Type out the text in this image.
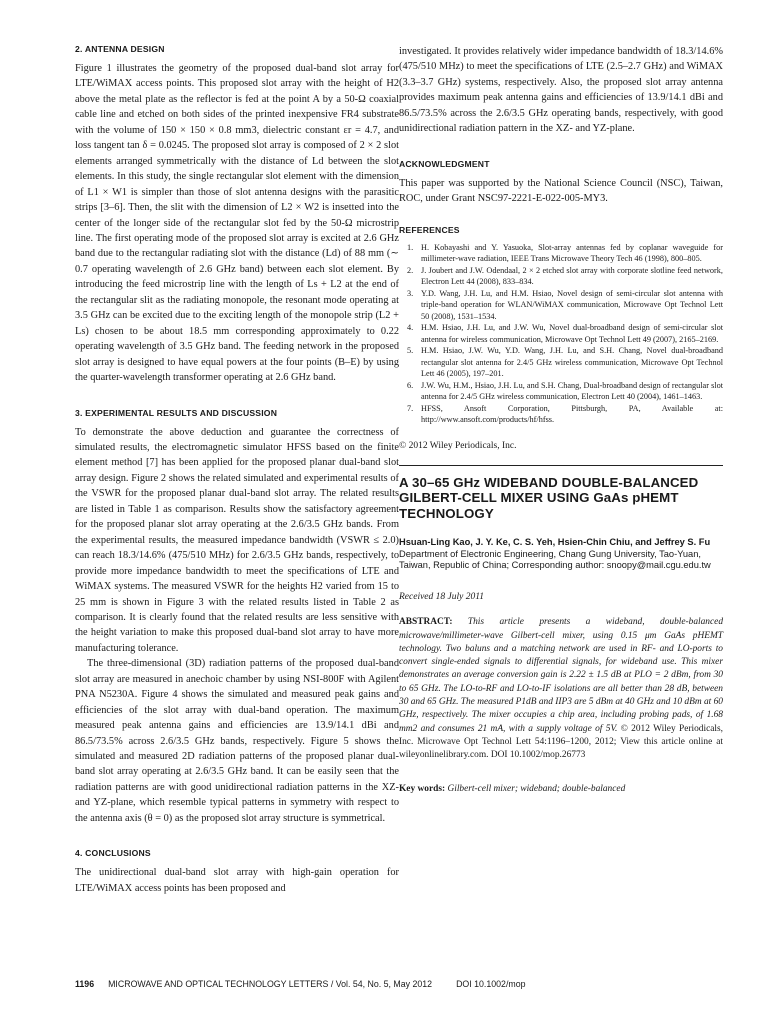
2. ANTENNA DESIGN

Figure 1 illustrates the geometry of the proposed dual-band slot array for LTE/WiMAX access points. This proposed slot array with the height of H2 above the metal plate as the reflector is fed at the point A by a 50-Ω coaxial cable line and etched on both sides of the printed inexpensive FR4 substrate with the volume of 150 × 150 × 0.8 mm3, dielectric constant εr = 4.7, and loss tangent tan δ = 0.0245. The proposed slot array is composed of 2 × 2 slot elements arranged symmetrically with the distance of Ld between the slot elements. In this study, the single rectangular slot element with the dimension of L1 × W1 is simpler than those of slot antenna designs with the parasitic strips [3–6]. Then, the slit with the dimension of L2 × W2 is insetted into the center of the longer side of the rectangular slot fed by the 50-Ω microstrip line. The first operating mode of the proposed slot array is excited at 2.6 GHz band due to the rectangular radiating slot with the distance (Ld) of 88 mm (∼ 0.7 operating wavelength of 2.6 GHz band) between each slot element. By introducing the feed microstrip line with the length of Ls + L2 at the end of the rectangular slit as the radiating monopole, the resonant mode operating at 3.5 GHz can be excited due to the exciting length of the monopole strip (L2 + Ls) chosen to be about 18.5 mm corresponding approximately to 0.22 operating wavelength of 3.5 GHz band. The feeding network in the proposed slot array is designed to have equal powers at the four points (B–E) by using the quarter-wavelength transformer operating at 2.6 GHz band.

3. EXPERIMENTAL RESULTS AND DISCUSSION

To demonstrate the above deduction and guarantee the correctness of simulated results, the electromagnetic simulator HFSS based on the finite element method [7] has been applied for the proposed planar dual-band slot array design. Figure 2 shows the related simulated and experimental results of the VSWR for the proposed planar dual-band slot array. The related results are listed in Table 1 as comparison. Results show the satisfactory agreement for the proposed planar slot array operating at the 2.6/3.5 GHz bands. From the experimental results, the measured impedance bandwidth (VSWR ≤ 2.0) can reach 18.3/14.6% (475/510 MHz) for 2.6/3.5 GHz bands, respectively, to provide more impedance bandwidth to meet the specifications of LTE and WiMAX systems. The measured VSWR for the heights H2 varied from 15 to 25 mm is shown in Figure 3 with the related results listed in Table 2 as comparison. It is clearly found that the related results are less sensitive with the height variation to make this proposed dual-band slot array to have more manufacturing tolerance.

The three-dimensional (3D) radiation patterns of the proposed dual-band slot array are measured in anechoic chamber by using NSI-800F with Agilent PNA N5230A. Figure 4 shows the simulated and measured peak gains and efficiencies of the slot array with dual-band operation. The maximum measured peak antenna gains and efficiencies are 13.9/14.1 dBi and 86.5/73.5% across 2.6/3.5 GHz bands, respectively. Figure 5 shows the simulated and measured 2D radiation patterns of the proposed planar dual-band slot array operating at 2.6/3.5 GHz band. It can be easily seen that the radiation patterns are with good unidirectional radiation patterns in the XZ- and YZ-plane, which resemble typical patterns in symmetry with respect to the antenna axis (θ = 0) as the proposed slot array structure is symmetrical.

4. CONCLUSIONS

The unidirectional dual-band slot array with high-gain operation for LTE/WiMAX access points has been proposed and

investigated. It provides relatively wider impedance bandwidth of 18.3/14.6% (475/510 MHz) to meet the specifications of LTE (2.5–2.7 GHz) and WiMAX (3.3–3.7 GHz) systems, respectively. Also, the proposed slot array antenna provides maximum peak antenna gains and efficiencies of 13.9/14.1 dBi and 86.5/73.5% across the 2.6/3.5 GHz operating bands, respectively, with good unidirectional radiation pattern in the XZ- and YZ-plane.

ACKNOWLEDGMENT

This paper was supported by the National Science Council (NSC), Taiwan, ROC, under Grant NSC97-2221-E-022-005-MY3.

REFERENCES
1. H. Kobayashi and Y. Yasuoka, Slot-array antennas fed by coplanar waveguide for millimeter-wave radiation, IEEE Trans Microwave Theory Tech 46 (1998), 800–805.
2. J. Joubert and J.W. Odendaal, 2 × 2 etched slot array with corporate slotline feed network, Electron Lett 44 (2008), 833–834.
3. Y.D. Wang, J.H. Lu, and H.M. Hsiao, Novel design of semi-circular slot antenna with triple-band operation for WLAN/WiMAX communication, Microwave Opt Technol Lett 50 (2008), 1531–1534.
4. H.M. Hsiao, J.H. Lu, and J.W. Wu, Novel dual-broadband design of semi-circular slot antenna for wireless communication, Microwave Opt Technol Lett 49 (2007), 2165–2169.
5. H.M. Hsiao, J.W. Wu, Y.D. Wang, J.H. Lu, and S.H. Chang, Novel dual-broadband rectangular slot antenna for 2.4/5 GHz wireless communication, Microwave Opt Technol Lett 46 (2005), 197–201.
6. J.W. Wu, H.M., Hsiao, J.H. Lu, and S.H. Chang, Dual-broadband design of rectangular slot antenna for 2.4/5 GHz wireless communication, Electron Lett 40 (2004), 1461–1463.
7. HFSS, Ansoft Corporation, Pittsburgh, PA, Available at: http://www.ansoft.com/products/hf/hfss.

© 2012 Wiley Periodicals, Inc.

A 30–65 GHz WIDEBAND DOUBLE-BALANCED GILBERT-CELL MIXER USING GaAs pHEMT TECHNOLOGY

Hsuan-Ling Kao, J. Y. Ke, C. S. Yeh, Hsien-Chin Chiu, and Jeffrey S. Fu

Department of Electronic Engineering, Chang Gung University, Tao-Yuan, Taiwan, Republic of China; Corresponding author: snoopy@mail.cgu.edu.tw

Received 18 July 2011

ABSTRACT: This article presents a wideband, double-balanced microwave/millimeter-wave Gilbert-cell mixer, using 0.15 μm GaAs pHEMT technology. Two baluns and a matching network are used in RF- and LO-ports to convert single-ended signals to differential signals, for wideband use. This mixer demonstrates an average conversion gain is 2.22 ± 1.5 dB at PLO = 2 dBm, from 30 to 65 GHz. The LO-to-RF and LO-to-IF isolations are all better than 28 dB, between 30 and 65 GHz. The measured P1dB and IIP3 are 5 dBm at 40 GHz and 10 dBm at 60 GHz, respectively. The mixer occupies a chip area, including probing pads, of 1.68 mm2 and consumes 21 mA, with a supply voltage of 5V. © 2012 Wiley Periodicals, Inc. Microwave Opt Technol Lett 54:1196–1200, 2012; View this article online at wileyonlinelibrary.com. DOI 10.1002/mop.26773

Key words: Gilbert-cell mixer; wideband; double-balanced

1196 MICROWAVE AND OPTICAL TECHNOLOGY LETTERS / Vol. 54, No. 5, May 2012	DOI 10.1002/mop
